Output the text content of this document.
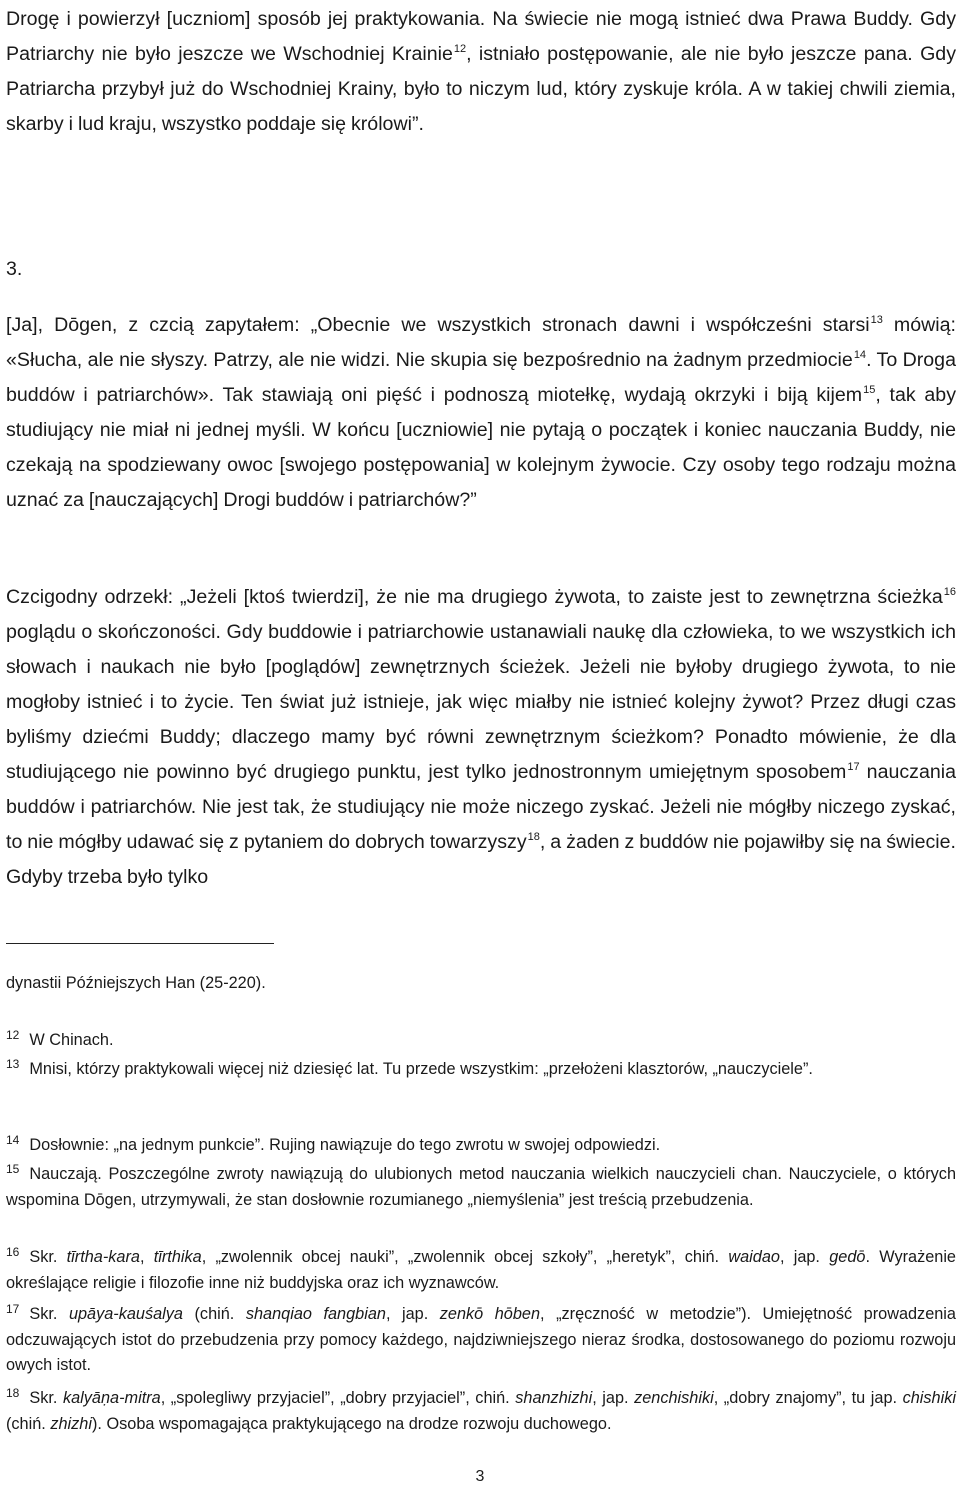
Drogę i powierzył [uczniom] sposób jej praktykowania. Na świecie nie mogą istnieć dwa Prawa Buddy. Gdy Patriarchy nie było jeszcze we Wschodniej Krainie$^{12}$, istniało postępowanie, ale nie było jeszcze pana. Gdy Patriarcha przybył już do Wschodniej Krainy, było to niczym lud, który zyskuje króla. A w takiej chwili ziemia, skarby i lud kraju, wszystko poddaje się królowi”.

3.

[Ja], Dōgen, z czcią zapytałem: „Obecnie we wszystkich stronach dawni i współcześni starsi$^{13}$ mówią: «Słucha, ale nie słyszy. Patrzy, ale nie widzi. Nie skupia się bezpośrednio na żadnym przedmiocie$^{14}$. To Droga buddów i patriarchów». Tak stawiają oni pięść i podnoszą miotełkę, wydają okrzyki i biją kijem$^{15}$, tak aby studiujący nie miał ni jednej myśli. W końcu [uczniowie] nie pytają o początek i koniec nauczania Buddy, nie czekają na spodziewany owoc [swojego postępowania] w kolejnym żywocie. Czy osoby tego rodzaju można uznać za [nauczających] Drogi buddów i patriarchów?”

Czcigodny odrzekł: „Jeżeli [ktoś twierdzi], że nie ma drugiego żywota, to zaiste jest to zewnętrzna ścieżka$^{16}$ poglądu o skończoności. Gdy buddowie i patriarchowie ustanawiali naukę dla człowieka, to we wszystkich ich słowach i naukach nie było [poglądów] zewnętrznych ścieżek. Jeżeli nie byłoby drugiego żywota, to nie mogłoby istnieć i to życie. Ten świat już istnieje, jak więc miałby nie istnieć kolejny żywot? Przez długi czas byliśmy dziećmi Buddy; dlaczego mamy być równi zewnętrznym ścieżkom? Ponadto mówienie, że dla studiującego nie powinno być drugiego punktu, jest tylko jednostronnym umiejętnym sposobem$^{17}$ nauczania buddów i patriarchów. Nie jest tak, że studiujący nie może niczego zyskać. Jeżeli nie mógłby niczego zyskać, to nie mógłby udawać się z pytaniem do dobrych towarzyszy$^{18}$, a żaden z buddów nie pojawiłby się na świecie. Gdyby trzeba było tylko

dynastii Późniejszych Han (25-220).

$^{12}$ W Chinach.

$^{13}$ Mnisi, którzy praktykowali więcej niż dziesięć lat. Tu przede wszystkim: „przełożeni klasztorów, „nauczyciele”.

$^{14}$ Dosłownie: „na jednym punkcie”. Rujing nawiązuje do tego zwrotu w swojej odpowiedzi.

$^{15}$ Nauczają. Poszczególne zwroty nawiązują do ulubionych metod nauczania wielkich nauczycieli chan. Nauczyciele, o których wspomina Dōgen, utrzymywali, że stan dosłownie rozumianego „niemyślenia” jest treścią przebudzenia.

$^{16}$ Skr. tīrtha-kara, tīrthika, „zwolennik obcej nauki”, „zwolennik obcej szkoły”, „heretyk”, chiń. waidao, jap. gedō. Wyrażenie określające religie i filozofie inne niż buddyjska oraz ich wyznawców.

$^{17}$ Skr. upāya-kauśalya (chiń. shanqiao fangbian, jap. zenkō hōben, „zręczność w metodzie”). Umiejętność prowadzenia odczuwających istot do przebudzenia przy pomocy każdego, najdziwniejszego nieraz środka, dostosowanego do poziomu rozwoju owych istot.

$^{18}$ Skr. kalyāṇa-mitra, „spolegliwy przyjaciel”, „dobry przyjaciel”, chiń. shanzhizhi, jap. zenchishiki, „dobry znajomy”, tu jap. chishiki (chiń. zhizhi). Osoba wspomagająca praktykującego na drodze rozwoju duchowego.

3
